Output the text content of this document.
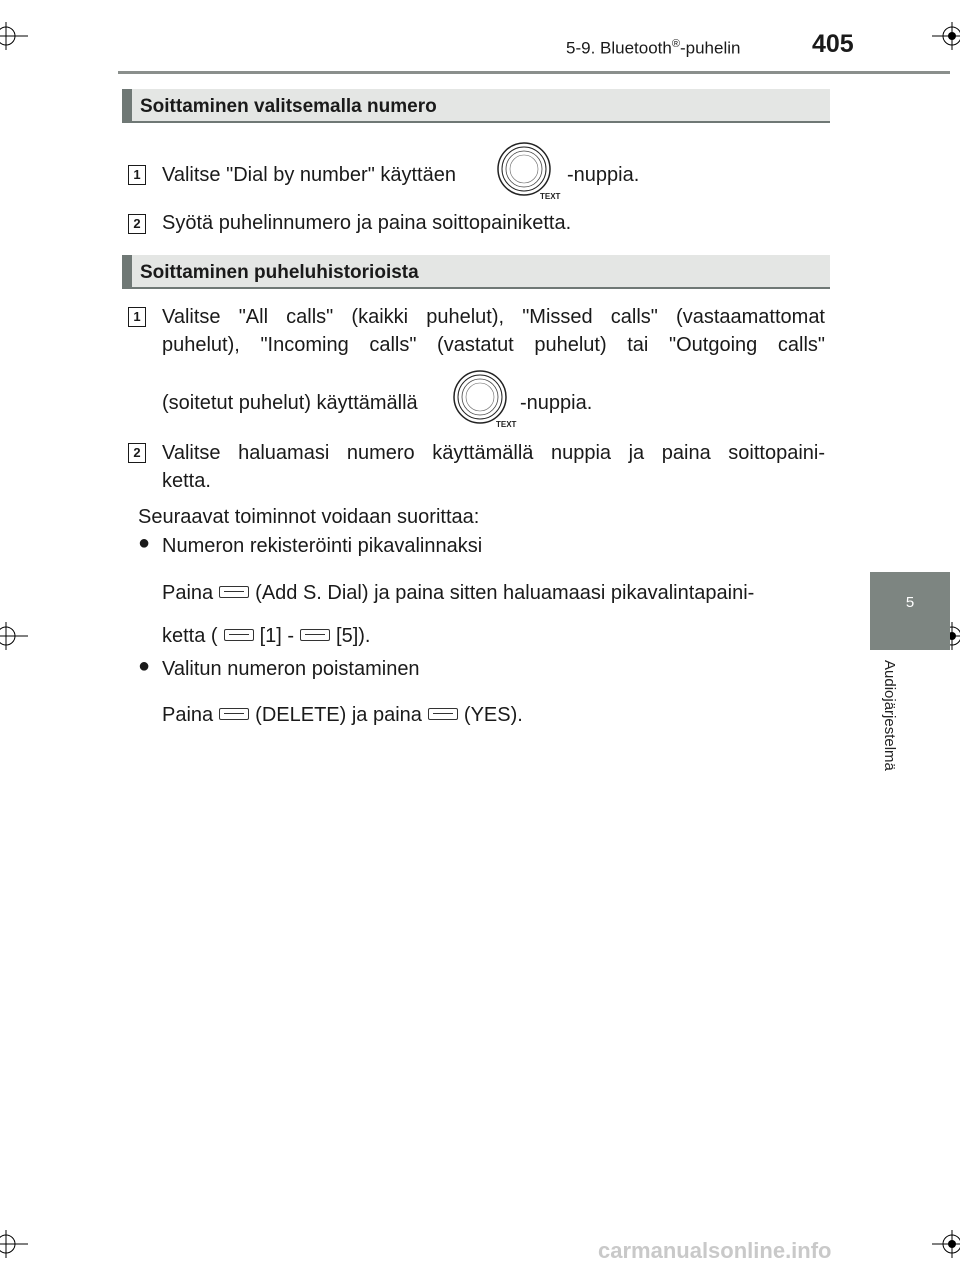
5-9. Bluetooth®-puhelin	405
5
Audiojärjestelmä
Soittaminen valitsemalla numero
1 Valitse "Dial by number" käyttäen
TEXT
-nuppia.
2 Syötä puhelinnumero ja paina soittopainiketta.
Soittaminen puheluhistorioista
1 Valitse "All calls" (kaikki puhelut), "Missed calls" (vastaamattomat
puhelut), "Incoming calls" (vastatut puhelut) tai "Outgoing calls"
(soitetut puhelut) käyttämällä
TEXT
-nuppia.
2 Valitse haluamasi numero käyttämällä nuppia ja paina soittopaini-
ketta.
Seuraavat toiminnot voidaan suorittaa:
● Numeron rekisteröinti pikavalinnaksi
Paina (Add S. Dial) ja paina sitten haluamaasi pikavalintapaini-
ketta ( [1] - [5]).
● Valitun numeron poistaminen
Paina (DELETE) ja paina (YES).
carmanualsonline.info
